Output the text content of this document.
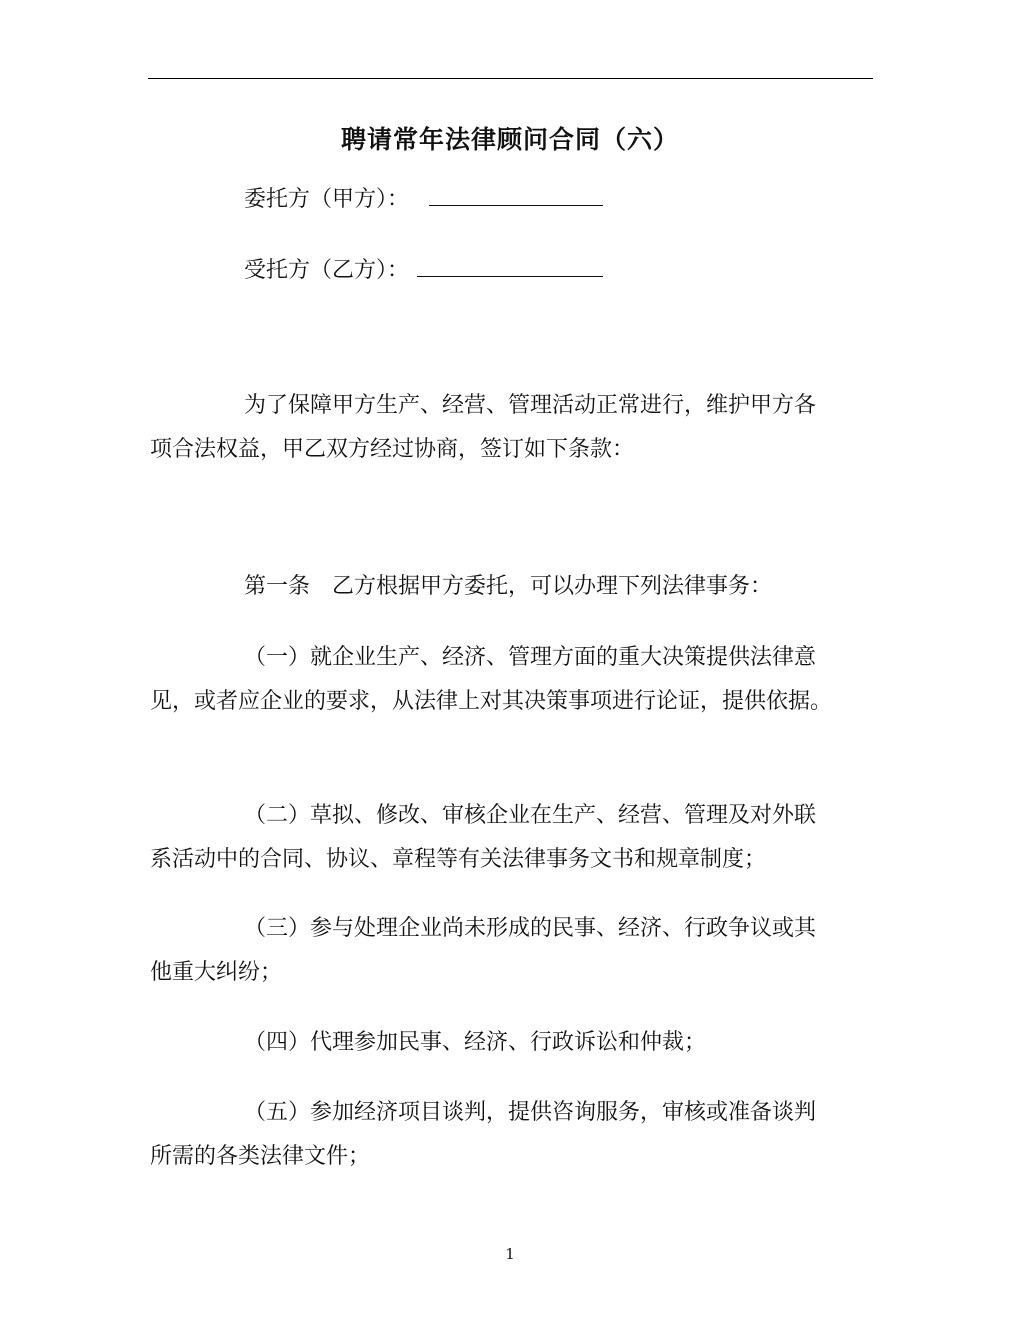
聘请常年法律顾问合同（六）
委托方（甲方）：
受托方（乙方）：
为了保障甲方生产、经营、管理活动正常进行，维护甲方各
项合法权益，甲乙双方经过协商，签订如下条款：
第一条　乙方根据甲方委托，可以办理下列法律事务：
（一）就企业生产、经济、管理方面的重大决策提供法律意
见，或者应企业的要求，从法律上对其决策事项进行论证，提供依据。
（二）草拟、修改、审核企业在生产、经营、管理及对外联
系活动中的合同、协议、章程等有关法律事务文书和规章制度；
（三）参与处理企业尚未形成的民事、经济、行政争议或其
他重大纠纷；
（四）代理参加民事、经济、行政诉讼和仲裁；
（五）参加经济项目谈判，提供咨询服务，审核或准备谈判
所需的各类法律文件；
1
